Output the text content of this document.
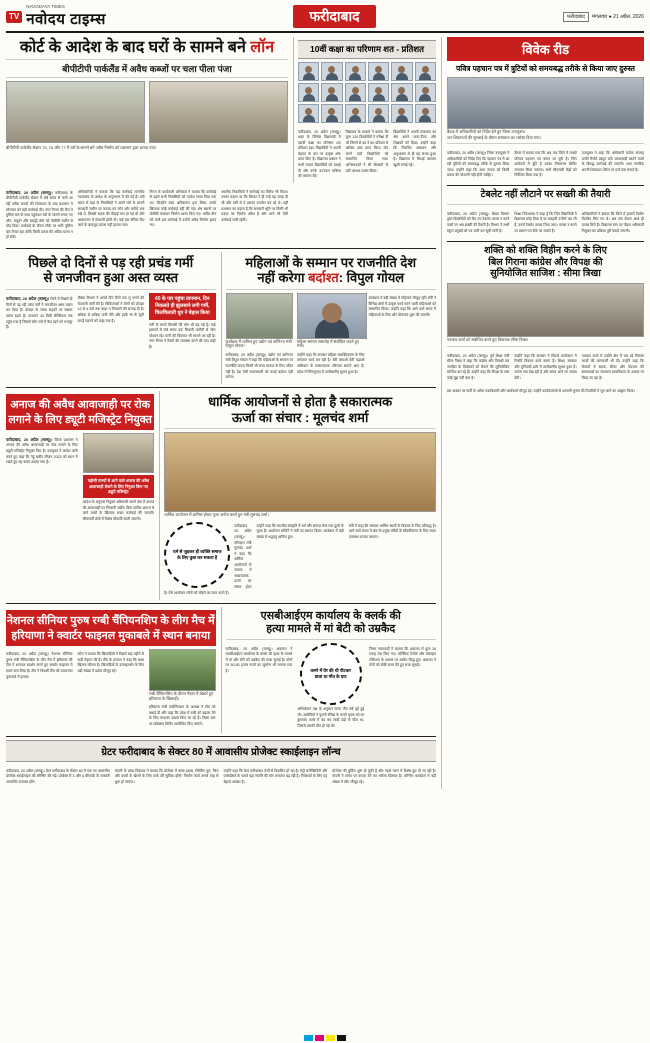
TV
NAVODAYA TIMES
नवोदय टाइम्स	फरीदाबाद	फरीदाबाद	मंगलवार ● 21 अप्रैल, 2026
कोर्ट के आदेश के बाद घरों के सामने बने लॉन
बीपीटीपी पार्कलैंड में अवैध कब्जों पर चला पीला पंजा
बीपीटीपी पार्कलैंड सेक्टर 75, 76 और 77 में घरों के सामने बने अवैध निर्माण को प्रशासन द्वारा हटाया गया।
10वीं कक्षा का परिणाम शत - प्रतिशत

फरीदाबाद, 20 अप्रैल (जाब्यू)। शहर के विभिन्न विद्यालयों में दसवीं कक्षा का परिणाम शत प्रतिशत रहा। विद्यार्थियों ने अपनी मेहनत के बल पर उत्कृष्ट अंक प्राप्त किए हैं। विद्यालय प्रबंधन ने सभी सफल विद्यार्थियों को बधाई दी और उनके उज्ज्वल भविष्य की कामना की।

विद्यालय के प्राचार्य ने बताया कि कुल 120 विद्यार्थियों ने परीक्षा दी थी जिनमें से 45 ने 90 प्रतिशत से अधिक अंक प्राप्त किए। टॉप करने वाले विद्यार्थियों को सम्मानित किया गया। अभिभावकों ने भी शिक्षकों के प्रति आभार व्यक्त किया।

विद्यार्थियों ने अपनी सफलता का श्रेय अपने माता-पिता और शिक्षकों को दिया। उन्होंने कहा कि नियमित अध्ययन और अनुशासन से ही यह संभव हुआ है। विद्यालय में मिठाई बांटकर खुशी मनाई गई।

फरीदाबाद, 20 अप्रैल (जाब्यू)। फरीदाबाद के बीपीटीपी पार्कलैंड सेक्टर में लंबे समय से चली आ रही अवैध कब्जों की शिकायत के बाद प्रशासन ने सोमवार को बड़ी कार्रवाई की। नगर निगम की टीम ने पुलिस बल के साथ पहुंचकर घरों के सामने बनाए गए लॉन, चबूतरे और बाउंड्री वॉल को जेसीबी मशीन से तोड़ दिया। कार्रवाई के दौरान मौके पर भारी पुलिस बल तैनात रहा ताकि किसी प्रकार की अप्रिय घटना न हो सके।

अधिकारियों ने बताया कि यह कार्रवाई माननीय न्यायालय के आदेश के अनुपालन में की गई है। लंबे समय से यहां के निवासियों ने अपने घरों के सामने सरकारी जमीन पर कब्जा कर लॉन और बगीचे बना रखे थे, जिससे सड़क की चौड़ाई कम हो गई थी और आवागमन में परेशानी होती थी। कई बार नोटिस दिए जाने के बावजूद कब्जा नहीं हटाया गया।

निगम के कार्यकारी अभियंता ने बताया कि कार्रवाई से पहले सभी निवासियों को पर्याप्त समय दिया गया था। जिन्होंने स्वयं अतिक्रमण हटा लिया, उनके खिलाफ कोई कार्रवाई नहीं की गई। शेष स्थानों पर जेसीबी चलाकर निर्माण ध्वस्त किए गए। करीब तीन घंटे चली इस कार्रवाई में दर्जनों अवैध निर्माण हटाए गए।

स्थानीय निवासियों ने कार्रवाई का विरोध भी किया। उनका कहना था कि बिल्डर ने ही उन्हें यह जगह दी थी और वर्षों से वे इसका उपयोग कर रहे थे। वहीं प्रशासन का कहना है कि सरकारी भूमि पर किसी भी प्रकार का निर्माण अवैध है और आगे भी ऐसी कार्रवाई जारी रहेगी।

पिछले दो दिनों से पड़ रही प्रचंड गर्मी
से जनजीवन हुआ अस्त व्यस्त

फरीदाबाद, 20 अप्रैल (जाब्यू)। जिले में पिछले दो दिनों से पड़ रही प्रचंड गर्मी ने जनजीवन अस्त व्यस्त कर दिया है। दोपहर के समय सड़कों पर सन्नाटा पसरा रहता है। तापमान 42 डिग्री सेल्सियस तक पहुंच गया है जिससे लोग घरों में कैद रहने को मजबूर हैं।

मौसम विभाग ने अगले तीन दिनों तक लू चलने की चेतावनी जारी की है। चिकित्सकों ने लोगों को दोपहर 12 से 4 बजे तक बाहर न निकलने की सलाह दी है। अधिक से अधिक पानी पीने और हल्के रंग के सूती कपड़े पहनने को कहा गया है।

40 के पार पहुंचा तापमान, दिन निकलते ही झुलसाने लगी गर्मी, चिलचिलाती धूप ने बेहाल किया

गर्मी के चलते बिजली की मांग भी बढ़ गई है। कई इलाकों में लंबे समय तक बिजली कटौती से लोग परेशान रहे। पानी की किल्लत भी सामने आ रही है। नगर निगम ने टैंकरों की व्यवस्था करने की बात कही है।

महिलाओं के सम्मान पर राजनीति देश
नहीं करेगा बर्दाश्त: विपुल गोयल
कार्यक्रम में शामिल हुए उद्योग एवं वाणिज्य मंत्री विपुल गोयल।

फरीदाबाद, 20 अप्रैल (जाब्यू)। उद्योग एवं वाणिज्य मंत्री विपुल गोयल ने कहा कि महिलाओं के सम्मान पर राजनीति करना किसी भी सभ्य समाज के लिए उचित नहीं है। देश ऐसी बयानबाजी को कतई बर्दाश्त नहीं करेगा।

महिला सम्मान समारोह में संबोधित करते हुए मंत्री।

उन्होंने कहा कि सरकार महिला सशक्तिकरण के लिए लगातार कार्य कर रही है। बेटी बचाओ बेटी पढ़ाओ अभियान के सकारात्मक परिणाम सामने आए हैं। प्रदेश में लिंगानुपात में उल्लेखनीय सुधार हुआ है।

कार्यक्रम में बड़ी संख्या में महिलाएं मौजूद रहीं। मंत्री ने विभिन्न क्षेत्रों में उत्कृष्ट कार्य करने वाली महिलाओं को सम्मानित किया। उन्होंने कहा कि आने वाले समय में महिलाओं के लिए और योजनाएं शुरू की जाएंगी।

अनाज की अवैध आवाजाही पर रोक
लगाने के लिए ड्यूटी मजिस्ट्रेट नियुक्त

फरीदाबाद, 20 अप्रैल (जाब्यू)। जिला प्रशासन ने अनाज की अवैध आवाजाही पर रोक लगाने के लिए ड्यूटी मजिस्ट्रेट नियुक्त किए हैं। उपायुक्त ने आदेश जारी करते हुए कहा कि गेहूं खरीद सीजन 2023 को ध्यान में रखते हुए यह कदम उठाया गया है।

पड़ोसी राज्यों से आने वाले अनाज की अवैध आवाजाही रोकने के लिए नियुक्त किए गए ड्यूटी मजिस्ट्रेट

आदेश के अनुसार नियुक्त अधिकारी अपने क्षेत्र में अनाज की आवाजाही पर निगरानी रखेंगे। बिना परमिट अनाज ले जाने वालों के खिलाफ सख्त कार्रवाई की जाएगी। सीमावर्ती क्षेत्रों में विशेष चौकसी बरती जाएगी।

धार्मिक आयोजनों से होता है सकारात्मक
ऊर्जा का संचार : मूलचंद शर्मा
धार्मिक आयोजन में शामिल होकर पूजा अर्चना करते हुए मंत्री मूलचंद शर्मा।
धर्म से जुड़कर ही व्यक्ति समाज के लिए कुछ कर सकता है

फरीदाबाद, 20 अप्रैल (जाब्यू)। परिवहन मंत्री मूलचंद शर्मा ने कहा कि धार्मिक आयोजनों से समाज में सकारात्मक ऊर्जा का संचार होता है। ऐसे आयोजन लोगों को जोड़ने का काम करते हैं।

उन्होंने कहा कि भारतीय संस्कृति में धर्म और समाज सेवा एक दूसरे के पूरक हैं। आयोजन समिति ने मंत्री का स्वागत किया। कार्यक्रम में बड़ी संख्या में श्रद्धालु शामिल हुए।

मंत्री ने कहा कि सरकार धार्मिक स्थलों के विकास के लिए प्रतिबद्ध है। आने वाले समय में क्षेत्र के प्रमुख मंदिरों के सौंदर्यीकरण के लिए बजट उपलब्ध कराया जाएगा।

नेशनल सीनियर पुरुष रग्बी चैंपियनशिप के लीग मैच में
हरियाणा ने क्वार्टर फाइनल मुकाबले में स्थान बनाया

फरीदाबाद, 20 अप्रैल (जाब्यू)। नेशनल सीनियर पुरुष रग्बी चैंपियनशिप के लीग मैच में हरियाणा की टीम ने शानदार प्रदर्शन करते हुए क्वार्टर फाइनल में स्थान बना लिया है। टीम ने विपक्षी टीम को एकतरफा मुकाबले में हराया।

कोच ने बताया कि खिलाड़ियों ने पिछले छह महीने से कड़ी मेहनत की है। टीम के कप्तान ने कहा कि लक्ष्य खिताब जीतना है। खिलाड़ियों के उत्साहवर्धन के लिए बड़ी संख्या में दर्शक मौजूद रहे।

रग्बी चैंपियनशिप के दौरान मैदान में खेलते हुए हरियाणा के खिलाड़ी।

हरियाणा रग्बी एसोसिएशन के अध्यक्ष ने टीम को बधाई दी और कहा कि प्रदेश में रग्बी को बढ़ावा देने के लिए लगातार प्रयास किए जा रहे हैं। जिला स्तर पर प्रशिक्षण शिविर आयोजित किए जाएंगे।

एसबीआईएम कार्यालय के क्लर्क की
हत्या मामले में मां बेटी को उम्रकैद

फरीदाबाद, 20 अप्रैल (जाब्यू)। अदालत ने एसबीआईएम कार्यालय के क्लर्क की हत्या के मामले में मां और बेटी को उम्रकैद की सजा सुनाई है। दोनों पर 50-50 हजार रुपये का जुर्माना भी लगाया गया है।	कमरे में घेर की थी पीटकर डाला था मौत के घाट

अभियोजन पक्ष के अनुसार घटना तीन वर्ष पूर्व हुई थी। आरोपियों ने पुरानी रंजिश के चलते मृतक को घर बुलाकर कमरे में बंद कर लाठी डंडों से पीटा था, जिससे उसकी मौत हो गई थी।

जिला न्यायवादी ने बताया कि अदालत में कुल 18 गवाह पेश किए गए। फोरेंसिक रिपोर्ट और मोबाइल लोकेशन के आधार पर आरोप सिद्ध हुए। अदालत ने दोनों को दोषी करार देते हुए सजा सुनाई।

ग्रेटर फरीदाबाद के सेक्टर 80 में आवासीय प्रोजेक्ट स्काईलाइन लॉन्च

फरीदाबाद, 20 अप्रैल (जाब्यू)। ग्रेटर फरीदाबाद के सेक्टर 80 में एक नए आवासीय प्रोजेक्ट स्काईलाइन की लॉन्चिंग की गई। प्रोजेक्ट में 3 और 4 बीएचके के लक्जरी अपार्टमेंट उपलब्ध होंगे।

कंपनी के प्रबंध निदेशक ने बताया कि प्रोजेक्ट में क्लब हाउस, स्विमिंग पूल, जिम और बच्चों के खेलने के लिए पार्क की सुविधा होगी। निर्माण कार्य अगले माह से शुरू हो जाएगा।

उन्होंने कहा कि ग्रेटर फरीदाबाद तेजी से विकसित हो रहा है। मेट्रो कनेक्टिविटी और एक्सप्रेसवे के चलते यहां संपत्ति की मांग लगातार बढ़ रही है। निवेशकों के लिए यह बेहतर अवसर है।

प्रोजेक्ट की बुकिंग शुरू हो चुकी है और पहले चरण में विशेष छूट दी जा रही है। कंपनी ने समय पर कब्जा देने का भरोसा दिलाया है। लॉन्चिंग कार्यक्रम में बड़ी संख्या में लोग मौजूद रहे।

विवेक रीड
पवित्र पहचान पत्र में त्रुटियों को समयबद्ध तरीके से किया जाए दुरुस्त
बैठक में अधिकारियों को निर्देश देते हुए जिला उपायुक्त।
जन शिकायतों की सुनवाई के दौरान समाधान का भरोसा दिया गया।

फरीदाबाद, 20 अप्रैल (जाब्यू)। जिला उपायुक्त ने अधिकारियों को निर्देश दिए कि पहचान पत्र में आ रही त्रुटियों को समयबद्ध तरीके से दुरुस्त किया जाए। उन्होंने कहा कि आम जनता को किसी प्रकार की परेशानी नहीं होनी चाहिए।

बैठक में बताया गया कि अब तक जिले में लाखों परिवार पहचान पत्र बनाए जा चुके हैं। जिन आवेदनों में त्रुटि है उनका निस्तारण शिविर लगाकर किया जाएगा। सभी सीएससी केंद्रों को निर्देशित किया गया है।

उपायुक्त ने कहा कि अधिकारी प्रत्येक सप्ताह प्रगति रिपोर्ट प्रस्तुत करें। लापरवाही बरतने वालों के विरुद्ध कार्रवाई की जाएगी। आम नागरिक अपनी शिकायत पोर्टल पर दर्ज करा सकते हैं।

टेबलेट नहीं लौटाने पर सख्ती की तैयारी

फरीदाबाद, 20 अप्रैल (जाब्यू)। शिक्षा विभाग द्वारा विद्यार्थियों को दिए गए टेबलेट वापस न करने वालों पर अब सख्ती की तैयारी है। विभाग ने सभी स्कूल प्रमुखों को पत्र जारी कर सूची मांगी है।

शिक्षा निदेशालय ने कहा है कि जिन विद्यार्थियों ने विद्यालय छोड़ दिया है या बारहवीं उत्तीर्ण कर ली है, उनसे टेबलेट वापस लिया जाए। वापस न करने पर प्रमाण पत्र रोके जा सकते हैं।

अधिकारियों ने बताया कि जिले में हजारों टेबलेट वितरित किए गए थे। अब तक केवल आधे ही वापस मिले हैं। विद्यालय स्तर पर नोडल अधिकारी नियुक्त कर प्रक्रिया पूरी कराई जाएगी।

शक्ति को शक्ति विहीन करने के लिए
बिल गिराना कांग्रेस और विपक्ष की
सुनियोजित साजिश : सीमा त्रिखा
पत्रकार वार्ता को संबोधित करते हुए विधायक सीमा त्रिखा।

फरीदाबाद, 20 अप्रैल (जाब्यू)। पूर्व शिक्षा मंत्री सीमा त्रिखा ने कहा कि कांग्रेस और विपक्षी दल जनहित के विधेयकों को रोकने की सुनियोजित साजिश कर रहे हैं। उन्होंने कहा कि विपक्ष के पास कोई मुद्दा नहीं बचा है।

उन्होंने कहा कि सरकार ने पिछले कार्यकाल में रिकॉर्ड विकास कार्य कराए हैं। शिक्षा, स्वास्थ्य और बुनियादी ढांचे में उल्लेखनीय सुधार हुआ है। जनता सब देख रही है और समय आने पर जवाब देगी।

पत्रकार वार्ता में उन्होंने क्षेत्र में चल रहे विकास कार्यों की जानकारी भी दी। उन्होंने कहा कि सेक्टरों में सड़क, सीवर और पेयजल की समस्याओं का समाधान प्राथमिकता के आधार पर किया जा रहा है।

इस अवसर पर पार्टी के अनेक पदाधिकारी और कार्यकर्ता मौजूद रहे। उन्होंने कार्यकर्ताओं से आगामी चुनाव की तैयारियों में जुट जाने का आह्वान किया।
